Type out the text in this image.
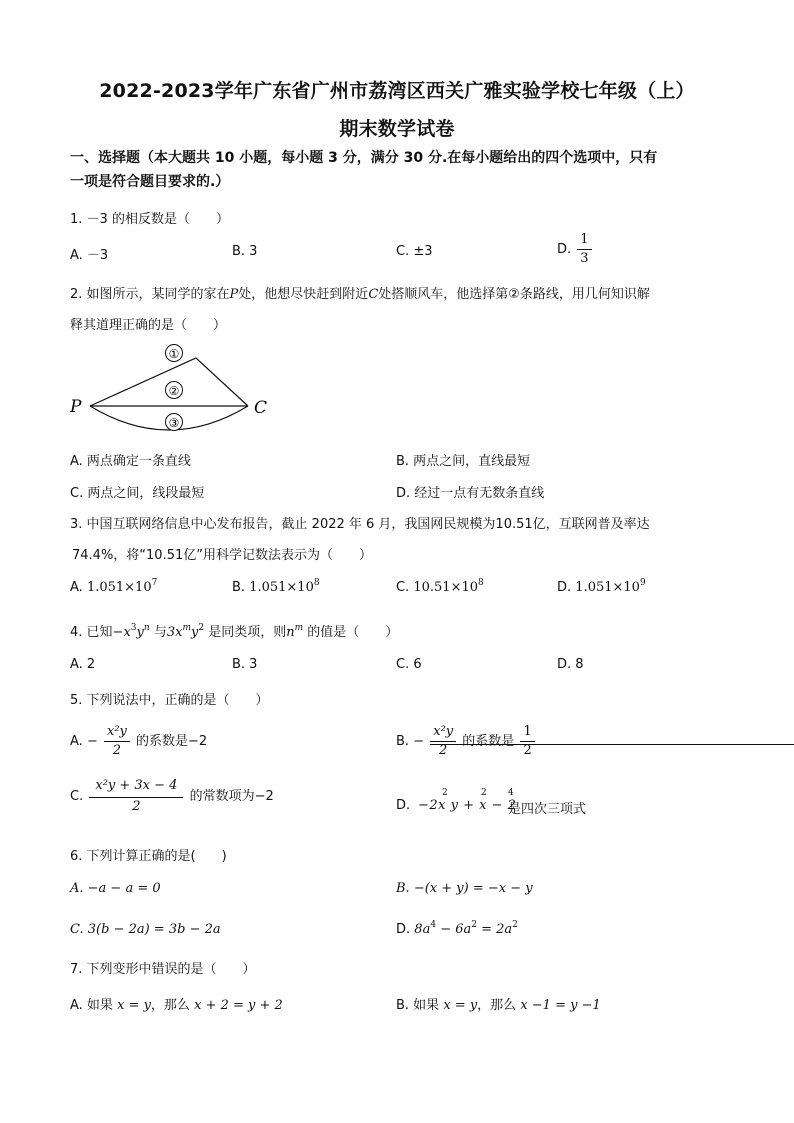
2022-2023学年广东省广州市荔湾区西关广雅实验学校七年级（上）
期末数学试卷
一、选择题（本大题共 10 小题，每小题 3 分，满分 30 分.在每小题给出的四个选项中，只有
一项是符合题目要求的.）
1. －3 的相反数是（　　）
A. －3	B. 3	C. ±3	D. $\frac{1}{3}$
2. 如图所示，某同学的家在P处，他想尽快赶到附近C处搭顺风车，他选择第②条路线，用几何知识解
释其道理正确的是（　　）
①
②
③
P	C
A. 两点确定一条直线	B. 两点之间，直线最短
C. 两点之间，线段最短	D. 经过一点有无数条直线
3. 中国互联网络信息中心发布报告，截止 2022 年 6 月，我国网民规模为10.51亿，互联网普及率达
74.4%，将“10.51亿”用科学记数法表示为（　　）
A. $1.051\times 10^7$	B. $1.051\times 10^8$	C. $10.51\times 10^8$	D. $1.051\times 10^9$
4. 已知$-x^3y^n$ 与$3x^my^2$ 是同类项，则$n^m$ 的值是（　　）
A. 2	B. 3	C. 6	D. 8
5. 下列说法中，正确的是（　　）
A. − $\frac{\text{x²y}}{2}$ 的系数是−2	B. − $\frac{\text{x²y}}{2}$ 的系数是 $\frac{1}{2}$
C. $\frac{\text{x²y + 3x − 4}}{2}$ 的常数项为−2
D. −2x y + x − 2
2	2 4
是四次三项式
6. 下列计算正确的是(　　)
A. −a − a = 0	B. −(x + y) = −x − y
C. 3(b − 2a) = 3b − 2a	D. $8a^4 - 6a^2 = 2a^2$
7. 下列变形中错误的是（　　）
A. 如果 x = y，那么 x + 2 = y + 2	B. 如果 x = y，那么 x −1 = y −1
